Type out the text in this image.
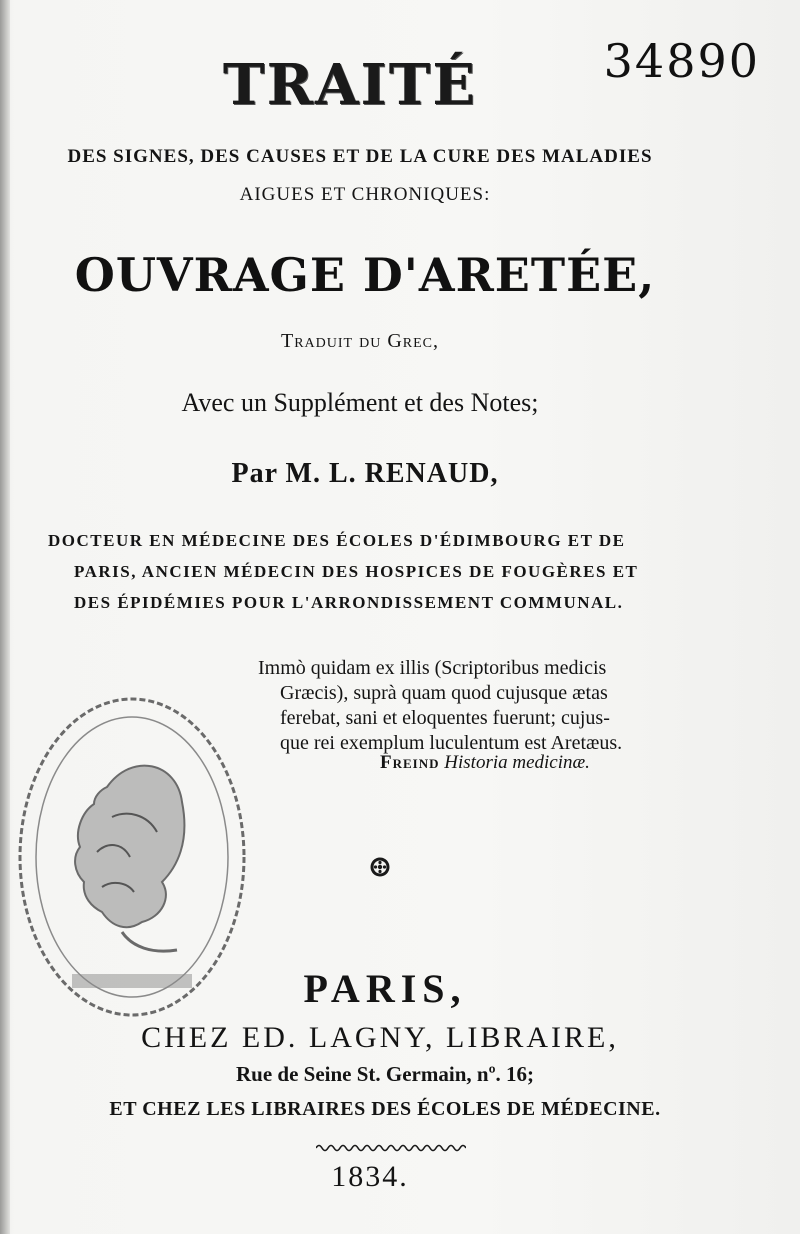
34890
TRAITÉ
DES SIGNES, DES CAUSES ET DE LA CURE DES MALADIES
AIGUES ET CHRONIQUES:
OUVRAGE D'ARETÉE,
Traduit du Grec,
Avec un Supplément et des Notes;
Par M. L. RENAUD,
DOCTEUR EN MÉDECINE DES ÉCOLES D'ÉDIMBOURG ET DE
PARIS, ANCIEN MÉDECIN DES HOSPICES DE FOUGÈRES ET
DES ÉPIDÉMIES POUR L'ARRONDISSEMENT COMMUNAL.
Immò quidam ex illis (Scriptoribus medicis
Græcis), suprà quam quod cujusque ætas
ferebat, sani et eloquentes fuerunt; cujus-
que rei exemplum luculentum est Aretæus.
Freind Historia medicinæ.
PARIS,
CHEZ ED. LAGNY, LIBRAIRE,
Rue de Seine St. Germain, nº. 16;
ET CHEZ LES LIBRAIRES DES ÉCOLES DE MÉDECINE.
1834.
